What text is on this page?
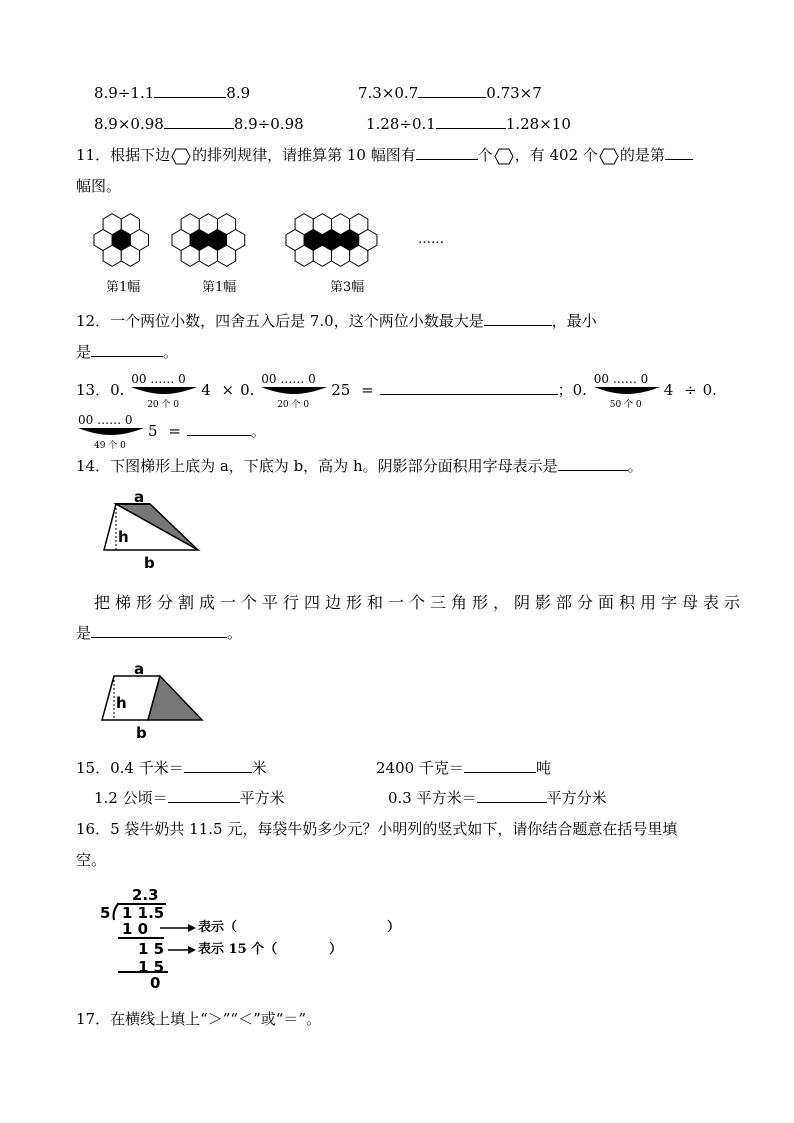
8.9÷1.1	8.9	7.3×0.7	0.73×7
8.9×0.98	8.9÷0.98	1.28÷0.1	1.28×10
11．根据下边 的排列规律，请推算第 10 幅图有	个 ，有 402 个 的是第
幅图。
第1幅	第1幅	第3幅
……
12．一个两位小数，四舍五入后是 7.0，这个两位小数最大是	，最小
是	。
13．0.
00 …… 0
20 个 0
4 × 0.
00 …… 0
20 个 0
25 =	；0.
00 …… 0
50 个 0
4 ÷ 0.
00 …… 0
49 个 0
5 =	。
14．下图梯形上底为 a，下底为 b，高为 h。阴影部分面积用字母表示是	。
a
h
b
把梯形分割成一个平行四边形和一个三角形，阴影部分面积用字母表示
是	。
a
h
b
15．0.4 千米＝	米	2400 千克＝	吨
1.2 公顷＝	平方米	0.3 平方米＝	平方分米
16．5 袋牛奶共 11.5 元，每袋牛奶多少元？小明列的竖式如下，请你结合题意在括号里填
空。
2.3
5 1 1.5
1 0
1 5
1 5
0
表示（	）
表示 15 个（	）
17．在横线上填上“＞”“＜”或“＝”。
